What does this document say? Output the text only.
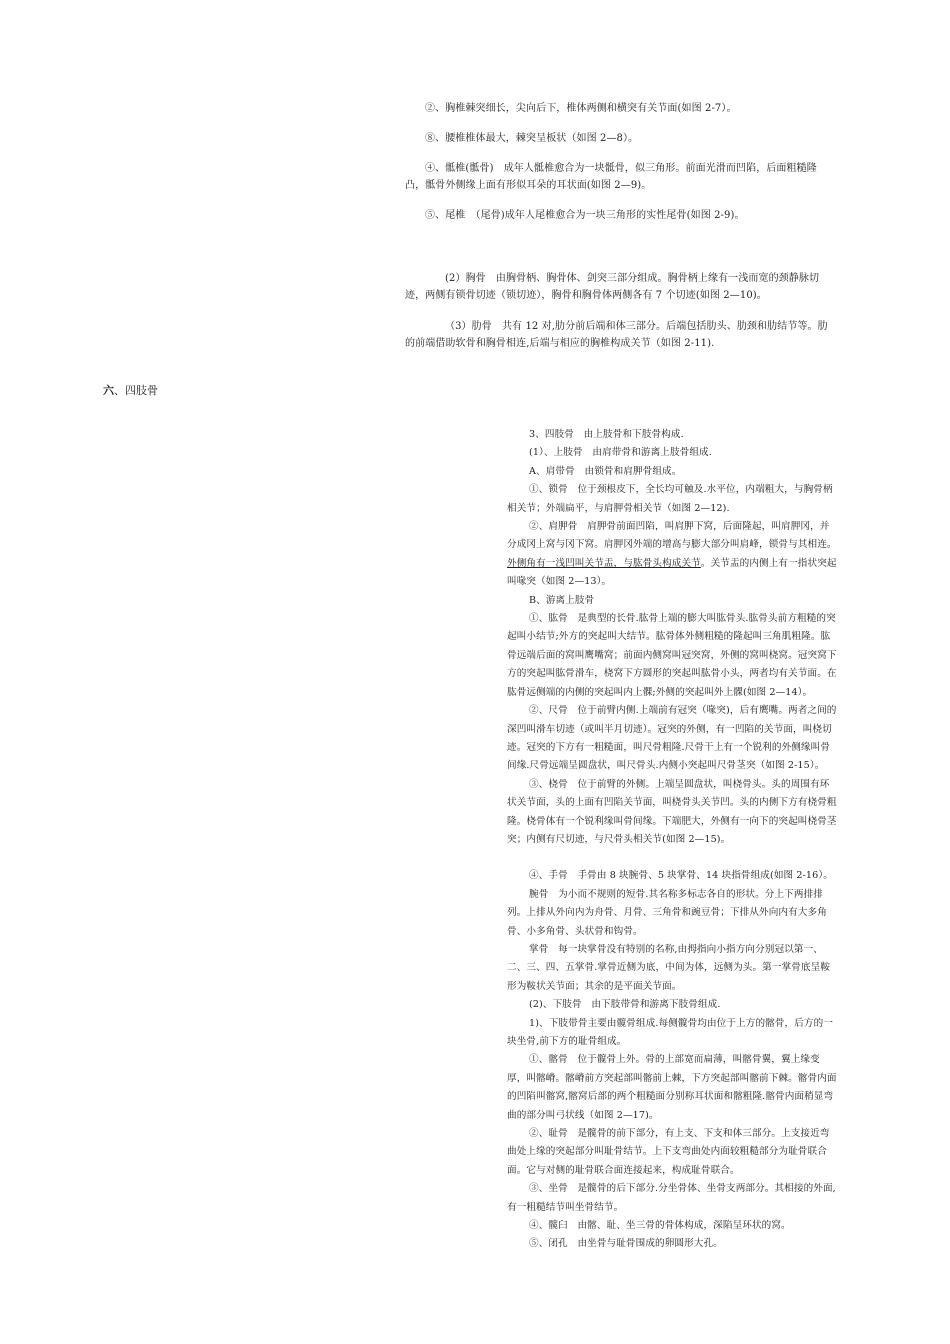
②、胸椎棘突细长，尖向后下，椎体两侧和横突有关节面(如图 2-7）。

⑧、腰椎椎体最大，棘突呈板状（如图 2—8）。

④、骶椎(骶骨)　成年人骶椎愈合为一块骶骨，似三角形。前面光滑而凹陷，后面粗糙隆凸，骶骨外侧缘上面有形似耳朵的耳状面(如图 2—9)。

⑤、尾椎　（尾骨)成年人尾椎愈合为一块三角形的实性尾骨(如图 2-9)。

(2）胸骨　由胸骨柄、胸骨体、剑突三部分组成。胸骨柄上缘有一浅而宽的颈静脉切迹，两侧有锁骨切迹（锁切迹），胸骨和胸骨体两侧各有 7 个切迹(如图 2—10)。

（3）肋骨　共有 12 对,肋分前后端和体三部分。后端包括肋头、肋颈和肋结节等。肋的前端借助软骨和胸骨相连,后端与相应的胸椎构成关节（如图 2-11).

六、四肢骨

3、四肢骨　由上肢骨和下肢骨构成.

(1）、上肢骨　由肩带骨和游离上肢骨组成.

A、肩带骨　由锁骨和肩胛骨组成。

①、锁骨　位于颈根皮下，全长均可触及.水平位，内端粗大，与胸骨柄相关节；外端扁平，与肩胛骨相关节（如图 2—12).

②、肩胛骨　肩胛骨前面凹陷，叫肩胛下窝，后面隆起，叫肩胛冈，并分成冈上窝与冈下窝。肩胛冈外端的增高与膨大部分叫肩峰，锁骨与其相连。外侧角有一浅凹叫关节盂，与肱骨头构成关节。关节盂的内侧上有一指状突起叫喙突（如图 2—13）。

B、游离上肢骨

①、肱骨　是典型的长骨.肱骨上端的膨大叫肱骨头.肱骨头前方粗糙的突起叫小结节;外方的突起叫大结节。肱骨体外侧粗糙的隆起叫三角肌粗隆。肱骨远端后面的窝叫鹰嘴窝；前面内侧窝叫冠突窝，外侧的窝叫桡窝。冠突窝下方的突起叫肱骨滑车，桡窝下方圆形的突起叫肱骨小头，两者均有关节面。在肱骨远侧端的内侧的突起叫内上髁;外侧的突起叫外上髁(如图 2—14）。

②、尺骨　位于前臂内侧.上端前有冠突（喙突)，后有鹰嘴。两者之间的深凹叫滑车切迹（或叫半月切迹）。冠突的外侧，有一凹陷的关节面，叫桡切迹。冠突的下方有一粗糙面，叫尺骨粗隆.尺骨干上有一个锐利的外侧缘叫骨间缘.尺骨远端呈圆盘状，叫尺骨头.内侧小突起叫尺骨茎突（如图 2-15）。

③、桡骨　位于前臂的外侧。上端呈圆盘状，叫桡骨头。头的周围有环状关节面，头的上面有凹陷关节面，叫桡骨头关节凹。头的内侧下方有桡骨粗隆。桡骨体有一个锐利缘叫骨间缘。下端肥大，外侧有一向下的突起叫桡骨茎突；内侧有尺切迹，与尺骨头相关节(如图 2—15)。

④、手骨　手骨由 8 块腕骨、5 块掌骨、14 块指骨组成(如图 2-16）。

腕骨　为小而不规则的短骨.其名称多标志各自的形状。分上下两排排列。上排从外向内为舟骨、月骨、三角骨和豌豆骨；下排从外向内有大多角骨、小多角骨、头状骨和钩骨。

掌骨　每一块掌骨没有特别的名称,由拇指向小指方向分别冠以第一、二、三、四、五掌骨.掌骨近侧为底，中间为体，远侧为头。第一掌骨底呈鞍形为鞍状关节面；其余的是平面关节面。

(2)、下肢骨　由下肢带骨和游离下肢骨组成.

1)、下肢带骨主要由髋骨组成.每侧髋骨均由位于上方的髂骨，后方的一块坐骨,前下方的耻骨组成。

①、髂骨　位于髋骨上外。骨的上部宽而扁薄，叫髂骨翼，翼上缘变厚，叫髂嵴。髂嵴前方突起部叫髂前上棘，下方突起部叫髂前下棘。髂骨内面的凹陷叫髂窝,髂窝后部的两个粗糙面分别称耳状面和髂粗隆.髂骨内面稍显弯曲的部分叫弓状线（如图 2—17)。

②、耻骨　是髋骨的前下部分，有上支、下支和体三部分。上支接近弯曲处上缘的突起部分叫耻骨结节。上下支弯曲处内面较粗糙部分为耻骨联合面。它与对侧的耻骨联合面连接起来，构成耻骨联合。

③、坐骨　是髋骨的后下部分.分坐骨体、坐骨支两部分。其相接的外面,有一粗糙结节叫坐骨结节。

④、髋臼　由髂、耻、坐三骨的骨体构成，深陷呈环状的窝。

⑤、闭孔　由坐骨与耻骨围成的卵圆形大孔。
